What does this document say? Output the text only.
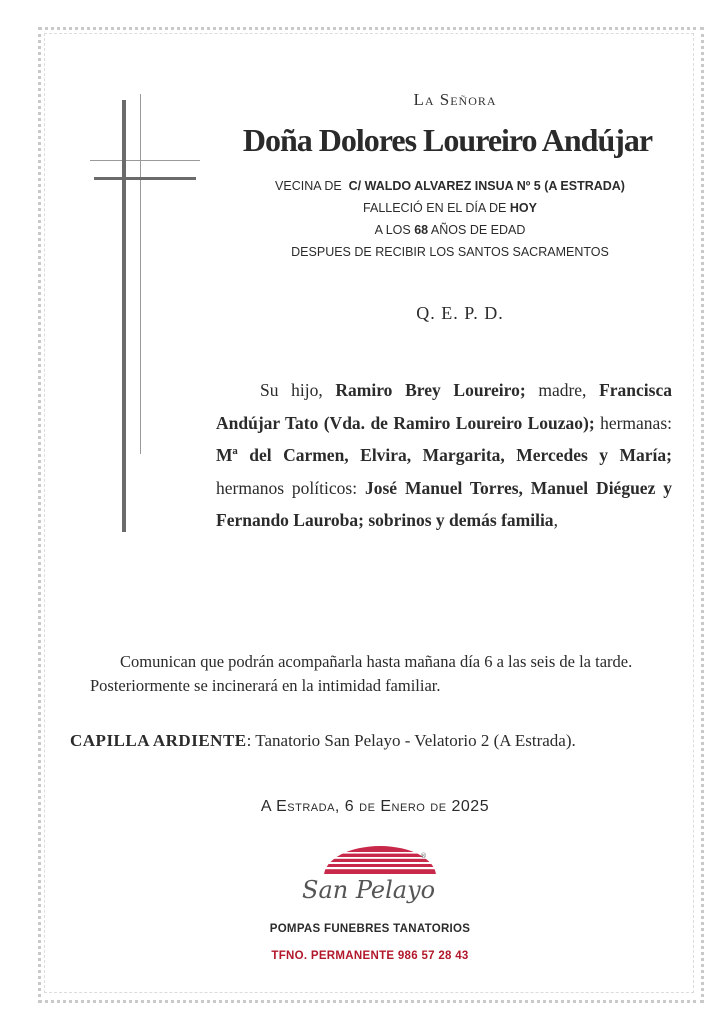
La Señora
Doña Dolores Loureiro Andújar
VECINA DE C/ WALDO ALVAREZ INSUA Nº 5 (A ESTRADA)
FALLECIÓ EN EL DÍA DE HOY
A LOS 68 AÑOS DE EDAD
DESPUES DE RECIBIR LOS SANTOS SACRAMENTOS
Q. E. P. D.

Su hijo, Ramiro Brey Loureiro; madre, Francisca Andújar Tato (Vda. de Ramiro Loureiro Louzao); hermanas: Mª del Carmen, Elvira, Margarita, Mercedes y María; hermanos políticos: José Manuel Torres, Manuel Diéguez y Fernando Lauroba; sobrinos y demás familia,

Comunican que podrán acompañarla hasta mañana día 6 a las seis de la tarde. Posteriormente se incinerará en la intimidad familiar.

CAPILLA ARDIENTE: Tanatorio San Pelayo - Velatorio 2 (A Estrada).
A Estrada, 6 de Enero de 2025
San Pelayo
®
POMPAS FUNEBRES TANATORIOS
TFNO. PERMANENTE 986 57 28 43
